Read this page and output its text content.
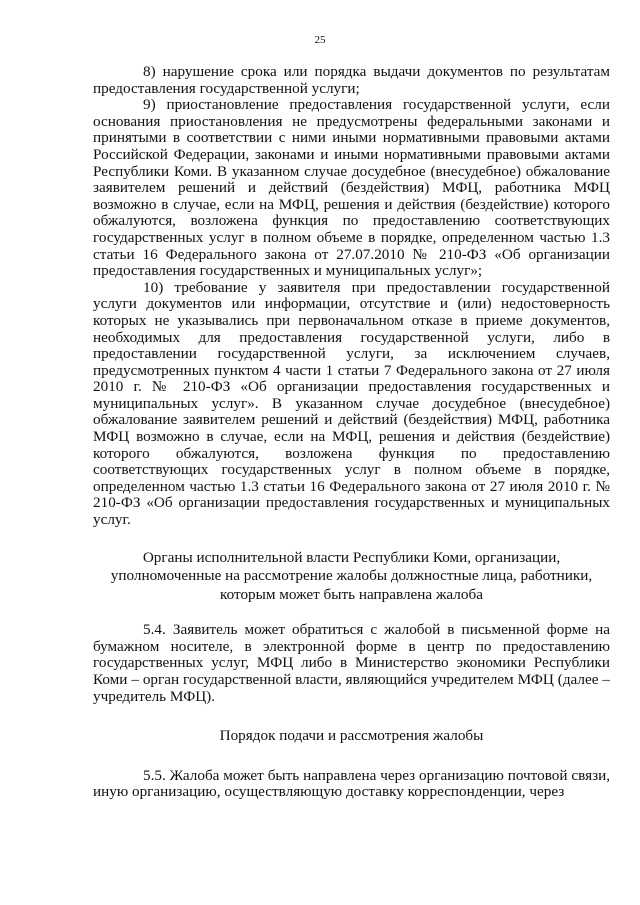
25

8) нарушение срока или порядка выдачи документов по результатам предоставления государственной услуги;

9) приостановление предоставления государственной услуги, если основания приостановления не предусмотрены федеральными законами и принятыми в соответствии с ними иными нормативными правовыми актами Российской Федерации, законами и иными нормативными правовыми актами Республики Коми. В указанном случае досудебное (внесудебное) обжалование заявителем решений и действий (бездействия) МФЦ, работника МФЦ возможно в случае, если на МФЦ, решения и действия (бездействие) которого обжалуются, возложена функция по предоставлению соответствующих государственных услуг в полном объеме в порядке, определенном частью 1.3 статьи 16 Федерального закона от 27.07.2010 № 210-ФЗ «Об организации предоставления государственных и муниципальных услуг»;

10) требование у заявителя при предоставлении государственной услуги документов или информации, отсутствие и (или) недостоверность которых не указывались при первоначальном отказе в приеме документов, необходимых для предоставления государственной услуги, либо в предоставлении государственной услуги, за исключением случаев, предусмотренных пунктом 4 части 1 статьи 7 Федерального закона от 27 июля 2010 г. № 210-ФЗ «Об организации предоставления государственных и муниципальных услуг». В указанном случае досудебное (внесудебное) обжалование заявителем решений и действий (бездействия) МФЦ, работника МФЦ возможно в случае, если на МФЦ, решения и действия (бездействие) которого обжалуются, возложена функция по предоставлению соответствующих государственных услуг в полном объеме в порядке, определенном частью 1.3 статьи 16 Федерального закона от 27 июля 2010 г. № 210-ФЗ «Об организации предоставления государственных и муниципальных услуг.

Органы исполнительной власти Республики Коми, организации,

уполномоченные на рассмотрение жалобы должностные лица, работники,

которым может быть направлена жалоба

5.4. Заявитель может обратиться с жалобой в письменной форме на бумажном носителе, в электронной форме в центр по предоставлению государственных услуг, МФЦ либо в Министерство экономики Республики Коми – орган государственной власти, являющийся учредителем МФЦ (далее – учредитель МФЦ).

Порядок подачи и рассмотрения жалобы

5.5. Жалоба может быть направлена через организацию почтовой связи, иную организацию, осуществляющую доставку корреспонденции, через
